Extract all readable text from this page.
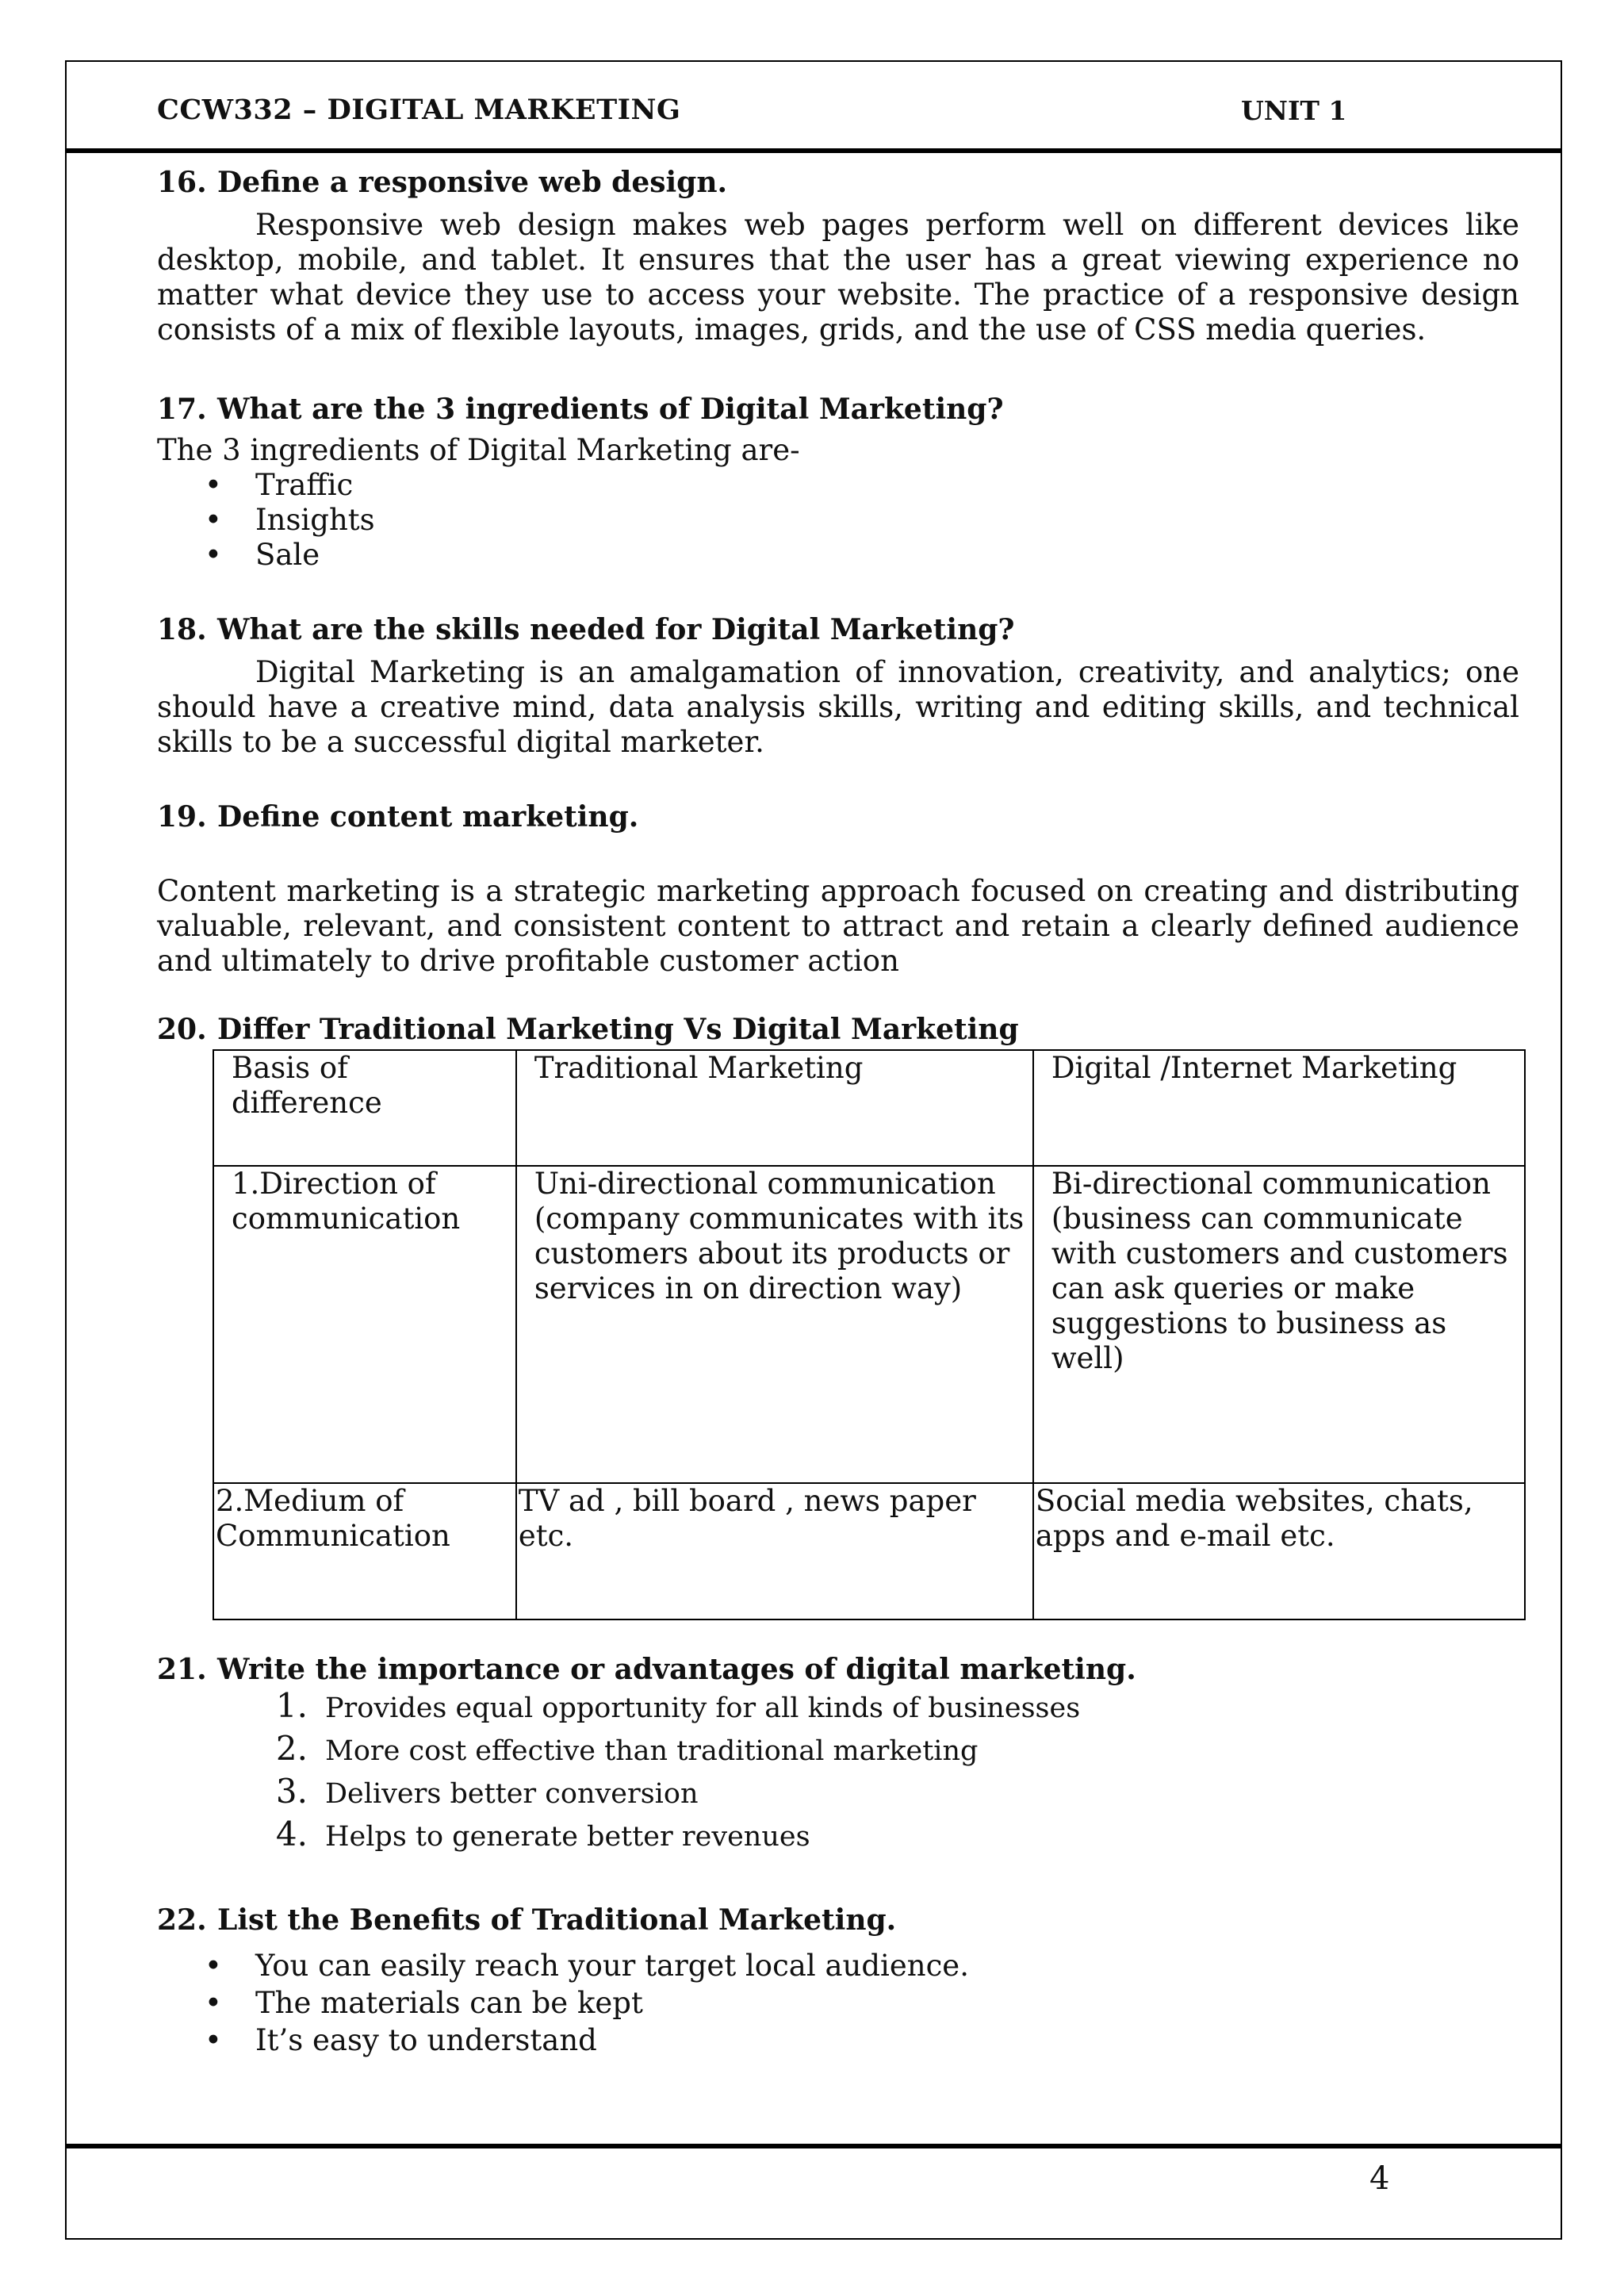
CCW332 – DIGITAL MARKETING	UNIT 1
16. Define a responsive web design.

Responsive web design makes web pages perform well on different devices like desktop, mobile, and tablet. It ensures that the user has a great viewing experience no matter what device they use to access your website. The practice of a responsive design consists of a mix of flexible layouts, images, grids, and the use of CSS media queries.

17. What are the 3 ingredients of Digital Marketing?

The 3 ingredients of Digital Marketing are-

•	Traffic
•	Insights
•	Sale
18. What are the skills needed for Digital Marketing?

Digital Marketing is an amalgamation of innovation, creativity, and analytics; one should have a creative mind, data analysis skills, writing and editing skills, and technical skills to be a successful digital marketer.

19. Define content marketing.

Content marketing is a strategic marketing approach focused on creating and distributing valuable, relevant, and consistent content to attract and retain a clearly defined audience and ultimately to drive profitable customer action

20. Differ Traditional Marketing Vs Digital Marketing
Basis of difference	Traditional Marketing	Digital /Internet Marketing
1.Direction of communication	Uni-directional communication (company communicates with its customers about its products or services in on direction way)	Bi-directional communication (business can communicate with customers and customers can ask queries or make suggestions to business as well)
2.Medium of Communication	TV ad , bill board , news paper etc.	Social media websites, chats, apps and e-mail etc.
21. Write the importance or advantages of digital marketing.
1. Provides equal opportunity for all kinds of businesses
2. More cost effective than traditional marketing
3. Delivers better conversion
4. Helps to generate better revenues
22. List the Benefits of Traditional Marketing.
•	You can easily reach your target local audience.
•	The materials can be kept
•	It’s easy to understand
4
